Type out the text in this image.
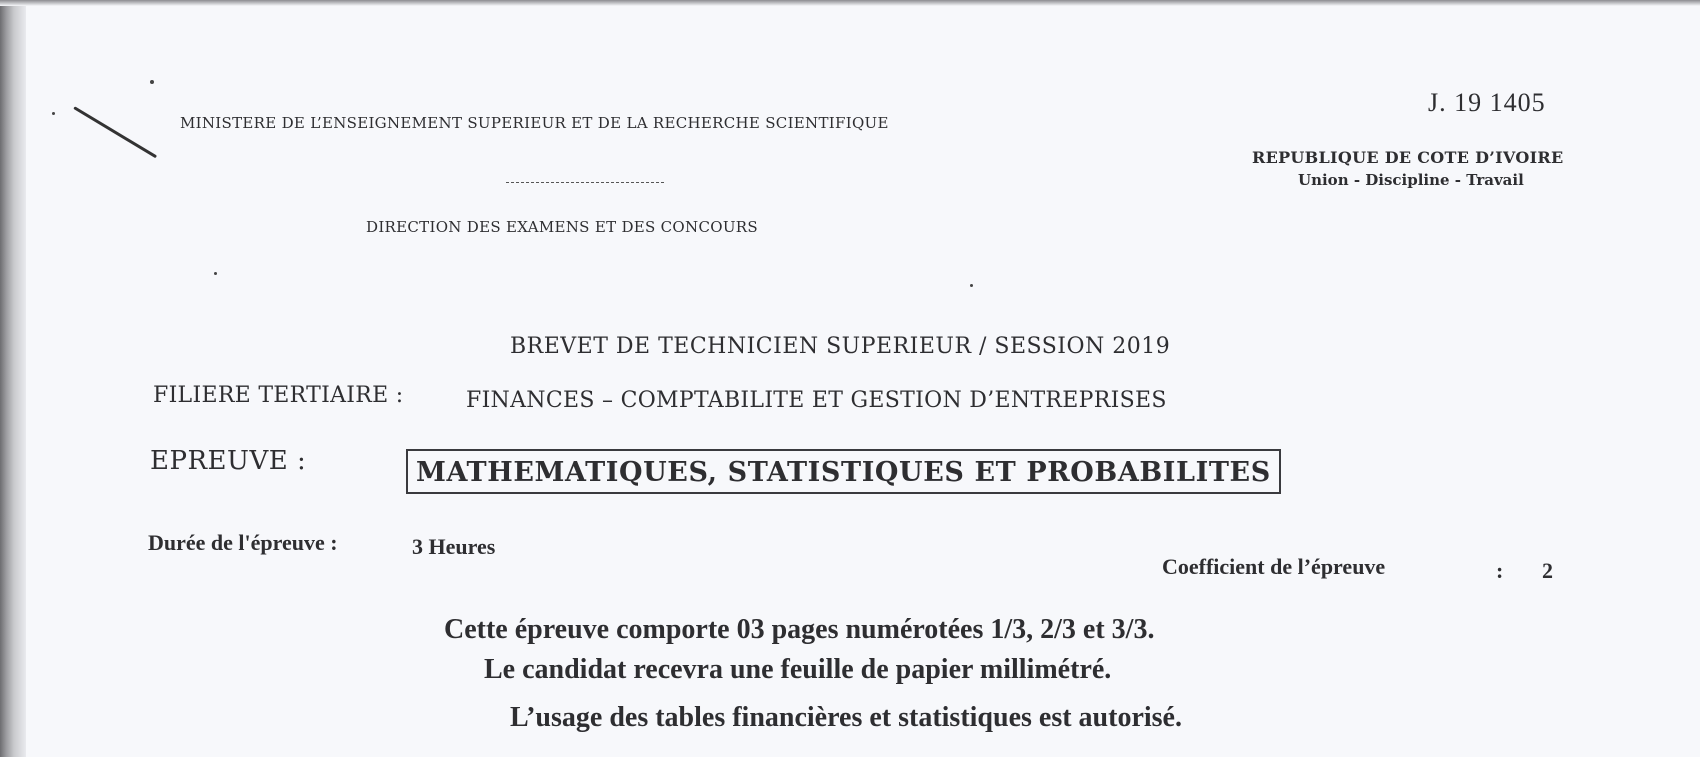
MINISTERE DE L’ENSEIGNEMENT SUPERIEUR ET DE LA RECHERCHE SCIENTIFIQUE
DIRECTION DES EXAMENS ET DES CONCOURS
J. 19 1405
REPUBLIQUE DE COTE D’IVOIRE
Union - Discipline - Travail
BREVET DE TECHNICIEN SUPERIEUR / SESSION 2019
FILIERE TERTIAIRE :	FINANCES – COMPTABILITE ET GESTION D’ENTREPRISES
EPREUVE :	MATHEMATIQUES, STATISTIQUES ET PROBABILITES
Durée de l'épreuve :	3 Heures
Coefficient de l’épreuve	: 2
Cette épreuve comporte 03 pages numérotées 1/3, 2/3 et 3/3.
Le candidat recevra une feuille de papier millimétré.
L’usage des tables financières et statistiques est autorisé.
